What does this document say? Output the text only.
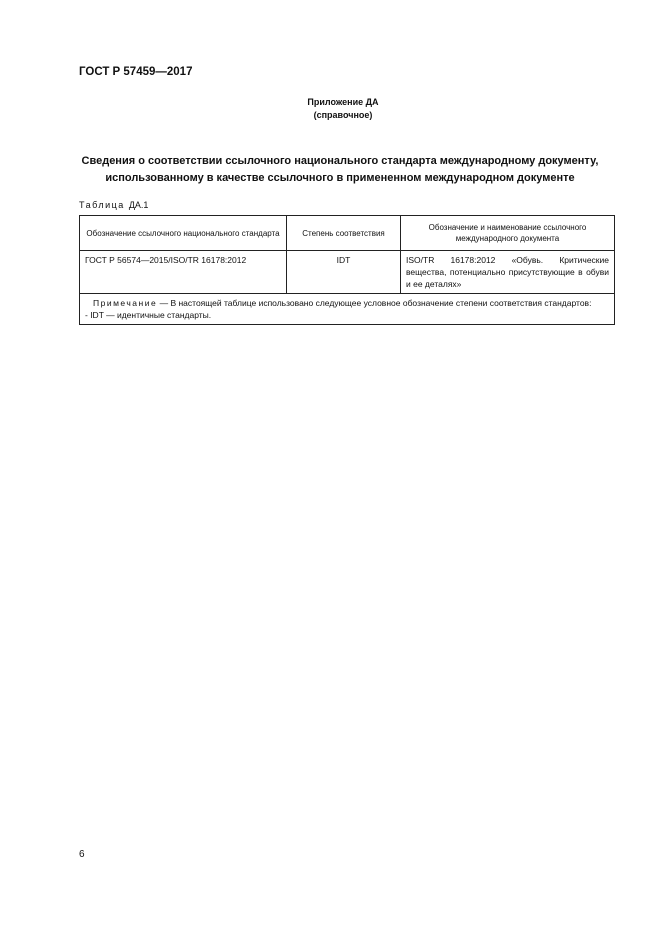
ГОСТ Р 57459—2017
Приложение ДА
(справочное)
Сведения о соответствии ссылочного национального стандарта международному документу,
использованному в качестве ссылочного в примененном международном документе
Таблица ДА.1
Обозначение ссылочного национального стандарта	Степень соответствия	Обозначение и наименование ссылочного международного документа
ГОСТ Р 56574—2015/ISO/TR 16178:2012	IDT	ISO/TR 16178:2012 «Обувь. Критические вещества, потенциально присутствующие в обуви и ее деталях»
Примечание — В настоящей таблице использовано следующее условное обозначение степени соответствия стандартов:
- IDT — идентичные стандарты.		
6
